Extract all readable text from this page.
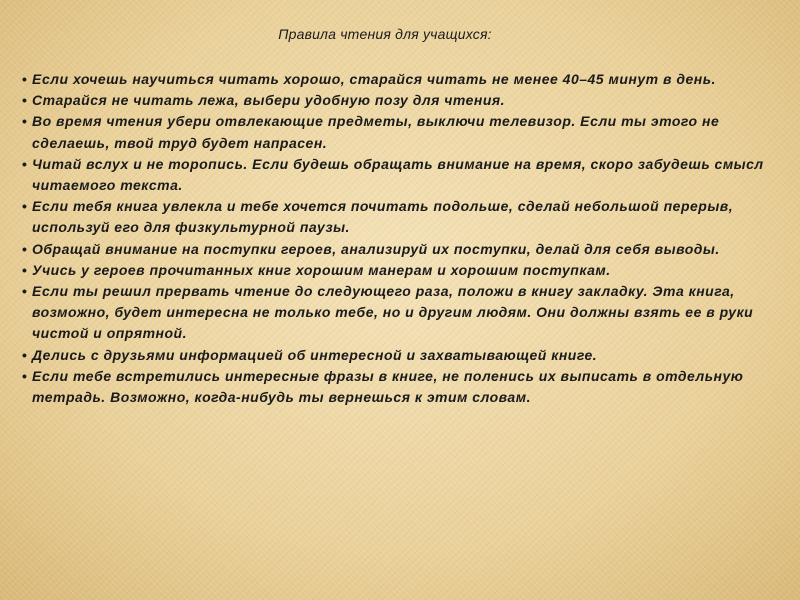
Правила чтения для учащихся:
• Если хочешь научиться читать хорошо, старайся читать не менее 40–45 минут в день.
• Старайся не читать лежа, выбери удобную позу для чтения.
• Во время чтения убери отвлекающие предметы, выключи телевизор. Если ты этого не сделаешь, твой труд будет напрасен.
• Читай вслух и не торопись. Если будешь обращать внимание на время, скоро забудешь смысл читаемого текста.
• Если тебя книга увлекла и тебе хочется почитать подольше, сделай небольшой перерыв, используй его для физкультурной паузы.
• Обращай внимание на поступки героев, анализируй их поступки, делай для себя выводы.
• Учись у героев прочитанных книг хорошим манерам и хорошим поступкам.
• Если ты решил прервать чтение до следующего раза, положи в книгу закладку. Эта книга, возможно, будет интересна не только тебе, но и другим людям. Они должны взять ее в руки чистой и опрятной.
• Делись с друзьями информацией об интересной и захватывающей книге.
• Если тебе встретились интересные фразы в книге, не поленись их выписать в отдельную тетрадь. Возможно, когда-нибудь ты вернешься к этим словам.
